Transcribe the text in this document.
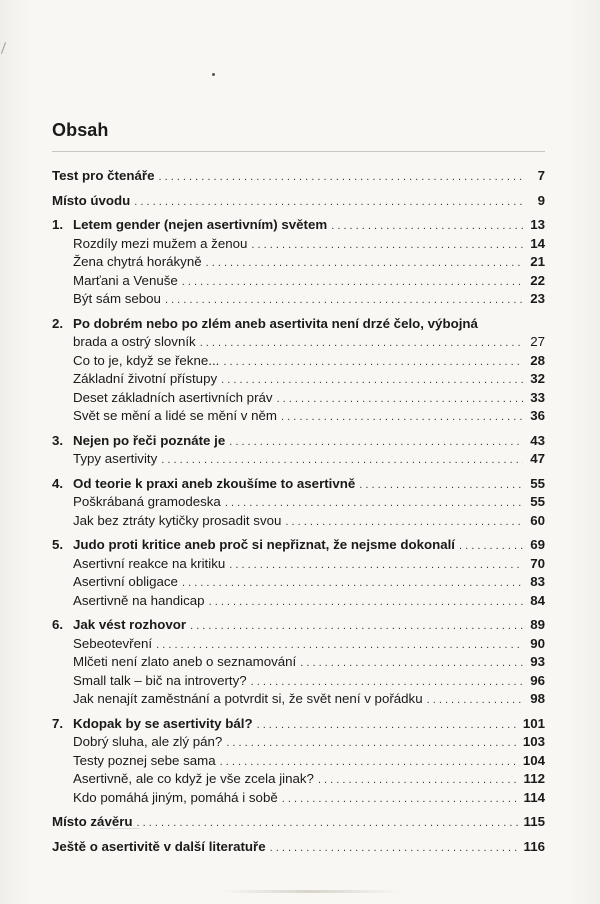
Obsah
Test pro čtenáře . . .	7
Místo úvodu . . .	9
1. Letem gender (nejen asertivním) světem . . .	13
Rozdíly mezi mužem a ženou . . .	14
Žena chytrá horákyně . . .	21
Marťani a Venuše . . .	22
Být sám sebou . . .	23
2. Po dobrém nebo po zlém aneb asertivita není drzé čelo, výbojná
brada a ostrý slovník . . .	27
Co to je, když se řekne... . . .	28
Základní životní přístupy . . .	32
Deset základních asertivních práv . . .	33
Svět se mění a lidé se mění v něm . . .	36
3. Nejen po řeči poznáte je . . .	43
Typy asertivity . . .	47
4. Od teorie k praxi aneb zkoušíme to asertivně . . .	55
Poškrábaná gramodeska . . .	55
Jak bez ztráty kytičky prosadit svou . . .	60
5. Judo proti kritice aneb proč si nepřiznat, že nejsme dokonalí . . .	69
Asertivní reakce na kritiku . . .	70
Asertivní obligace . . .	83
Asertivně na handicap . . .	84
6. Jak vést rozhovor . . .	89
Sebeotevření . . .	90
Mlčeti není zlato aneb o seznamování . . .	93
Small talk – bič na introverty? . . .	96
Jak nenajít zaměstnání a potvrdit si, že svět není v pořádku . . .	98
7. Kdopak by se asertivity bál? . . .	101
Dobrý sluha, ale zlý pán? . . .	103
Testy poznej sebe sama . . .	104
Asertivně, ale co když je vše zcela jinak? . . .	112
Kdo pomáhá jiným, pomáhá i sobě . . .	114
Místo závěru . . .	115
Ještě o asertivitě v další literatuře . . .	116
